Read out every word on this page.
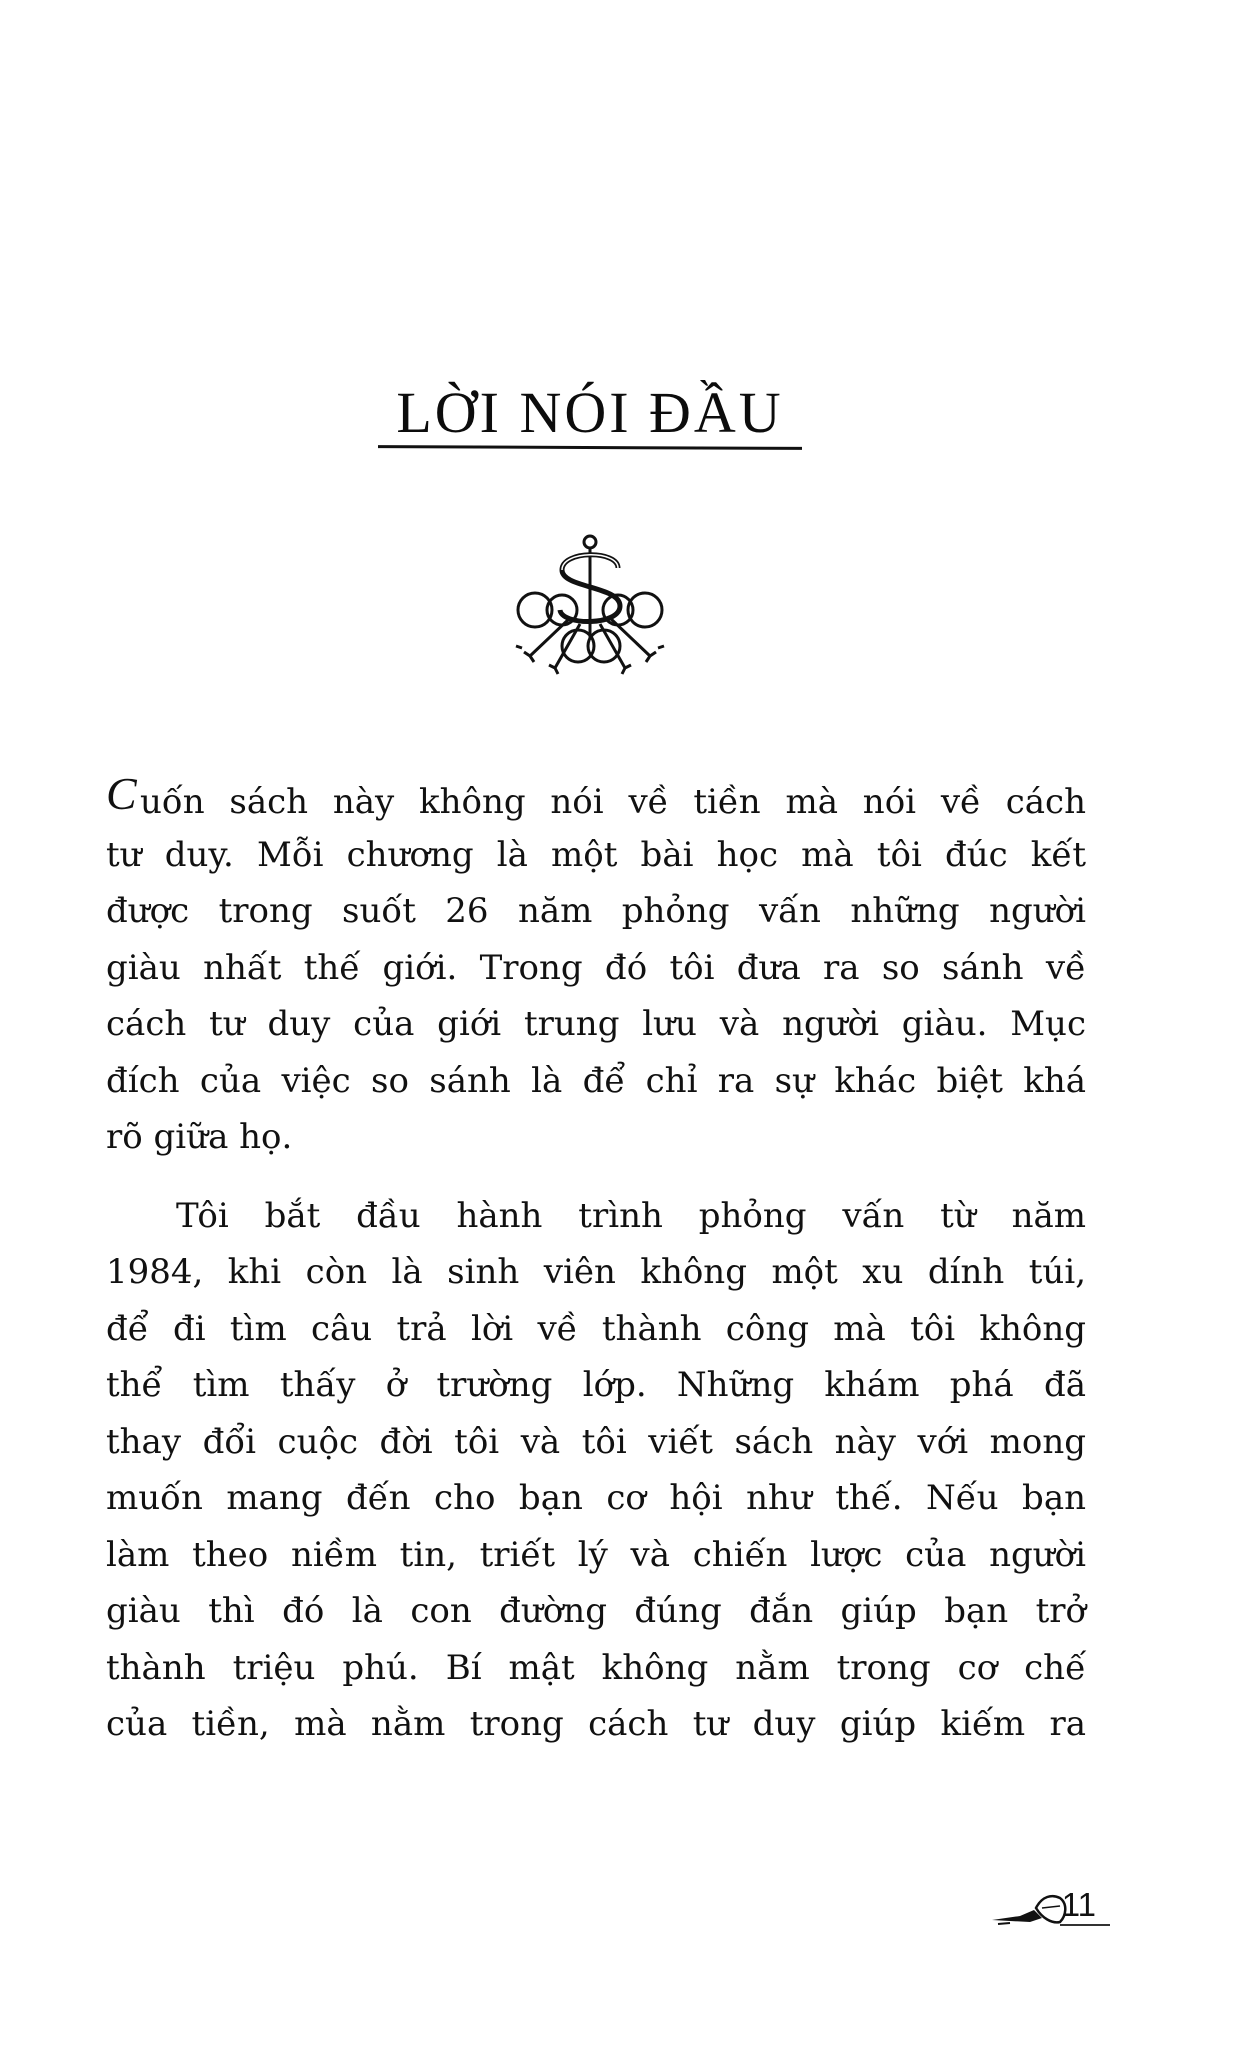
LỜI NÓI ĐẦU
Cuốn sách này không nói về tiền mà nói về cách
tư duy. Mỗi chương là một bài học mà tôi đúc kết
được trong suốt 26 năm phỏng vấn những người
giàu nhất thế giới. Trong đó tôi đưa ra so sánh về
cách tư duy của giới trung lưu và người giàu. Mục
đích của việc so sánh là để chỉ ra sự khác biệt khá
rõ giữa họ.
Tôi bắt đầu hành trình phỏng vấn từ năm
1984, khi còn là sinh viên không một xu dính túi,
để đi tìm câu trả lời về thành công mà tôi không
thể tìm thấy ở trường lớp. Những khám phá đã
thay đổi cuộc đời tôi và tôi viết sách này với mong
muốn mang đến cho bạn cơ hội như thế. Nếu bạn
làm theo niềm tin, triết lý và chiến lược của người
giàu thì đó là con đường đúng đắn giúp bạn trở
thành triệu phú. Bí mật không nằm trong cơ chế
của tiền, mà nằm trong cách tư duy giúp kiếm ra
11
